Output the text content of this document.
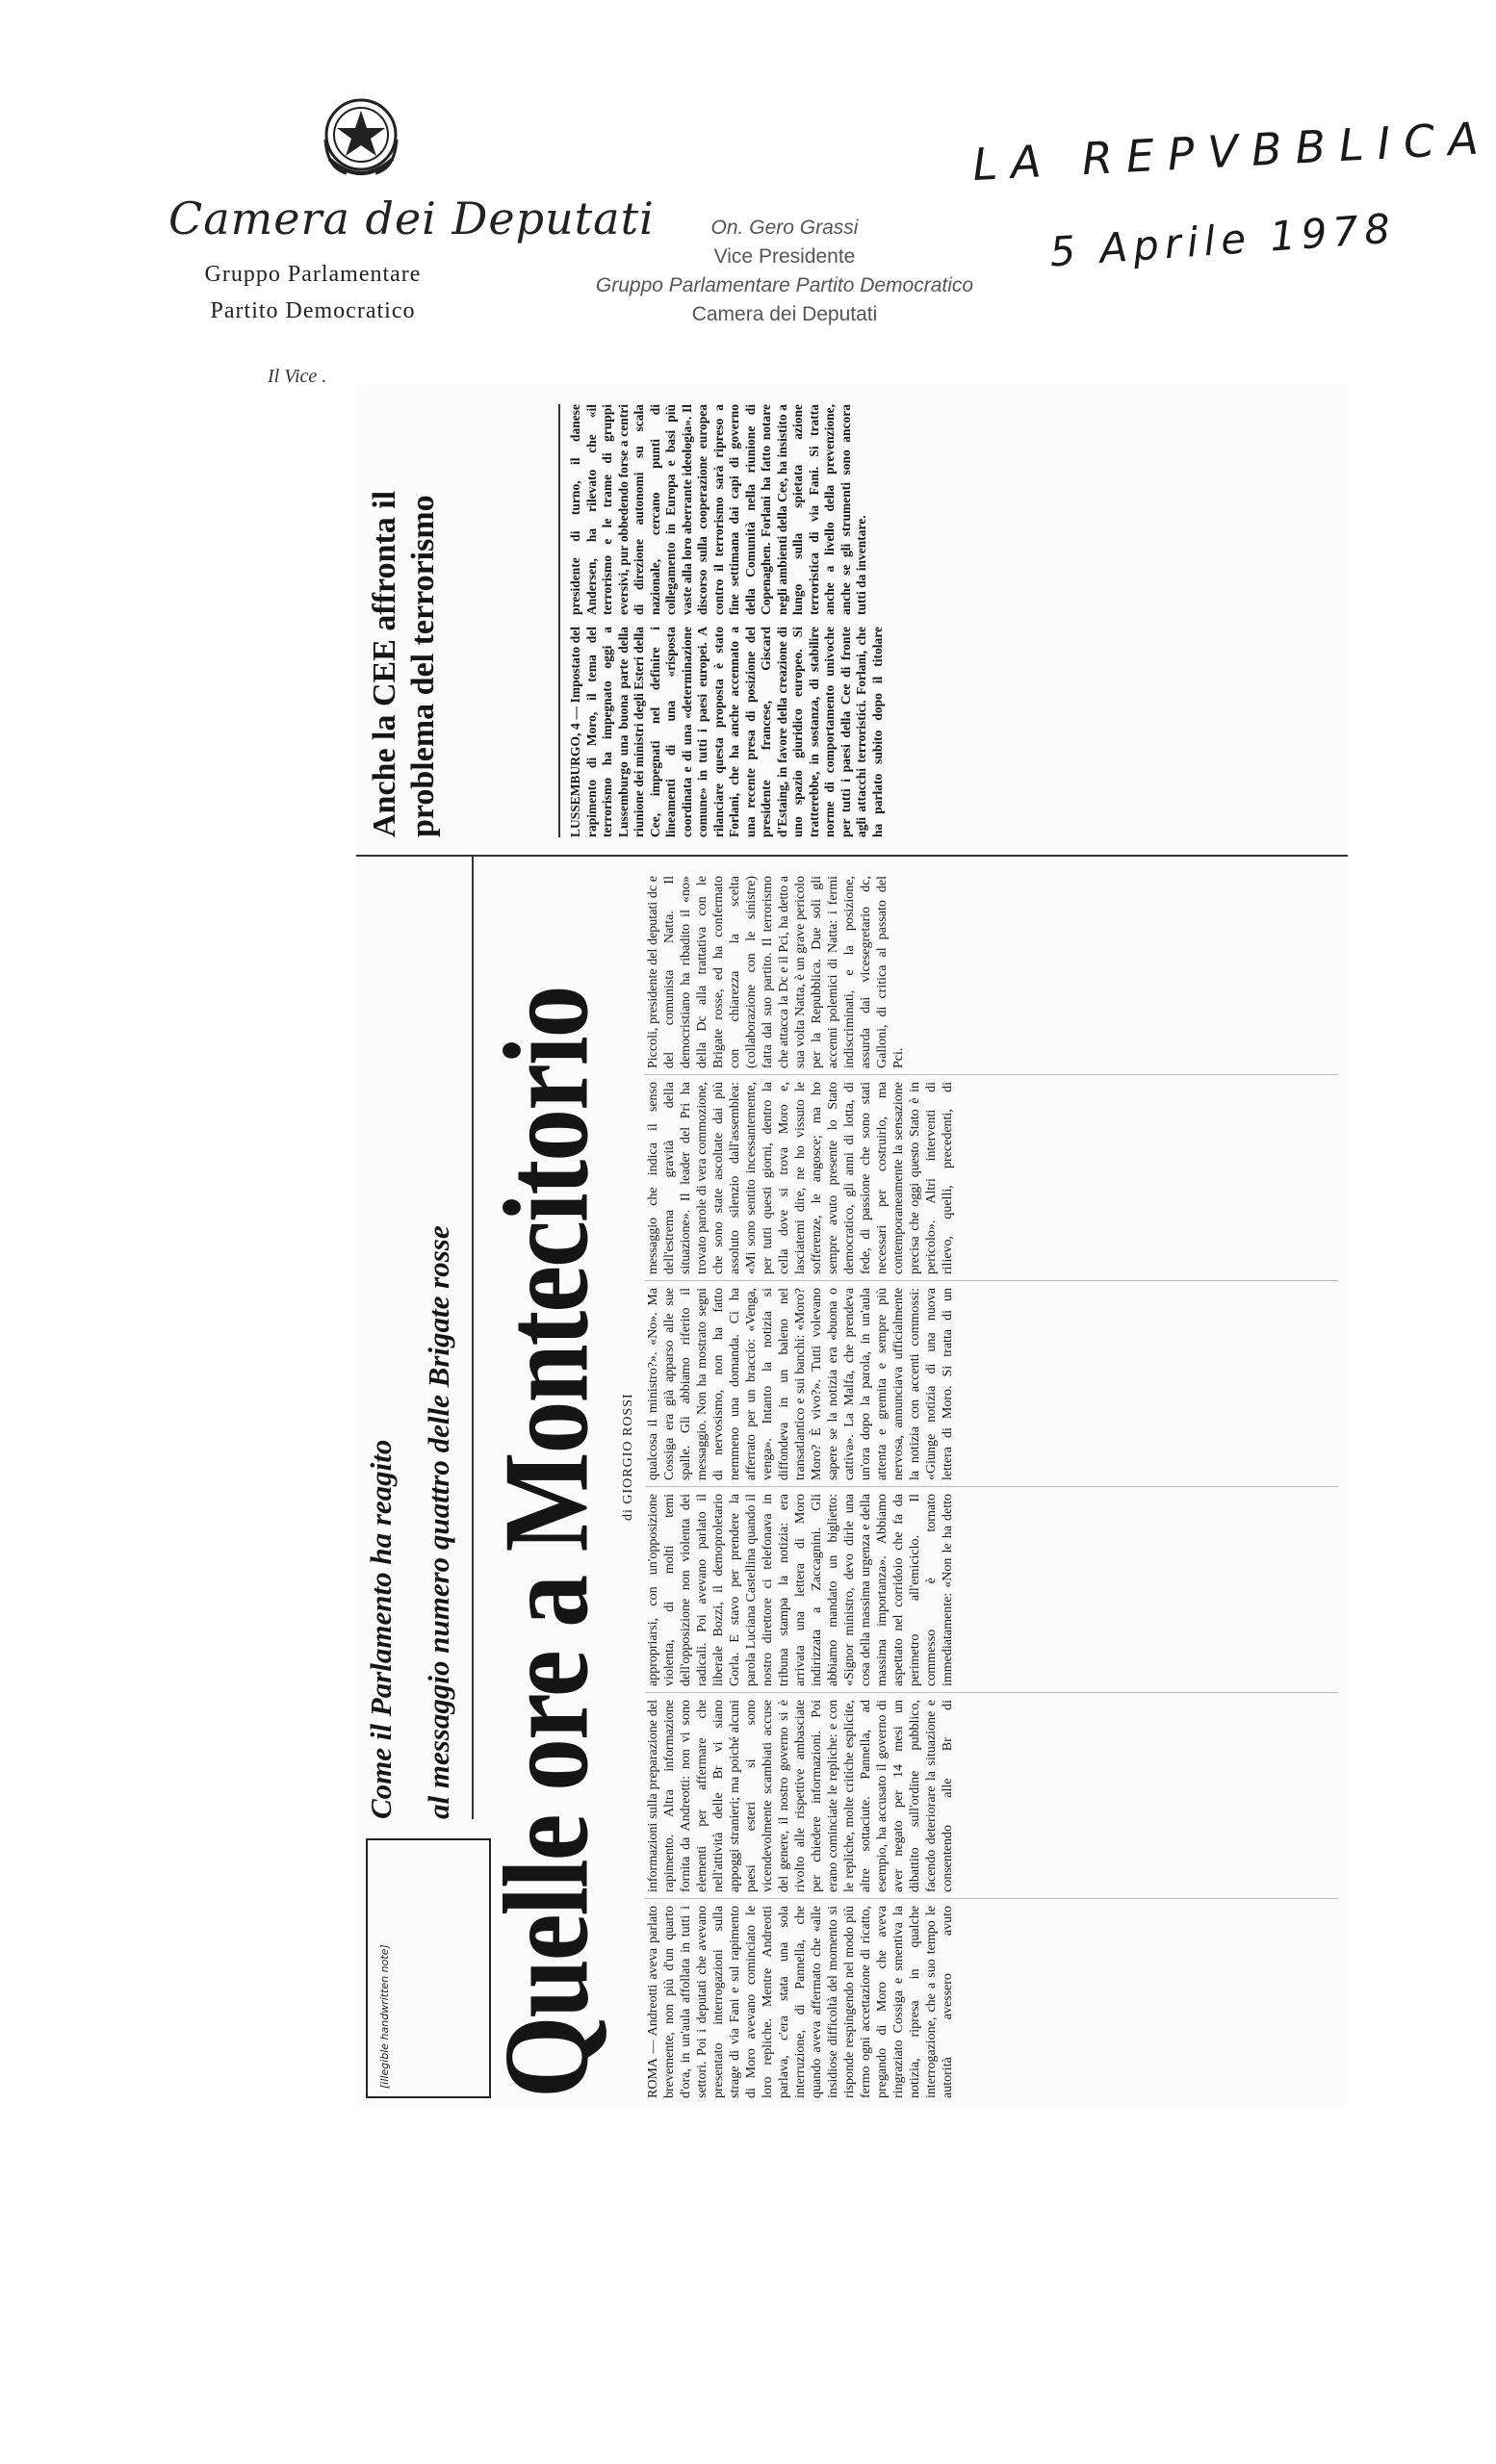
Camera dei Deputati
Gruppo Parlamentare
Partito Democratico
Il Vice .
On. Gero Grassi
Vice Presidente
Gruppo Parlamentare Partito Democratico
Camera dei Deputati
LA REPVBBLICA
5 Aprile 1978
[illegible handwritten note]
Come il Parlamento ha reagito al messaggio numero quattro delle Brigate rosse Quelle ore a Montecitorio di GIORGIO ROSSI
ROMA — Andreotti aveva parlato brevemente, non più d'un quarto d'ora, in un'aula affollata in tutti i settori. Poi i deputati che avevano presentato interrogazioni sulla strage di via Fani e sul rapimento di Moro avevano cominciato le loro repliche. Mentre Andreotti parlava, c'era stata una sola interruzione, di Pannella, che quando aveva affermato che «alle insidiose difficoltà del momento si risponde respingendo nel modo più fermo ogni accettazione di ricatto, pregando di Moro che aveva ringraziato Cossiga e smentiva la notizia, ripresa in qualche interrogazione, che a suo tempo le autorità avessero avuto informazioni sulla preparazione del rapimento. Altra informazione fornita da Andreotti: non vi sono elementi per affermare che nell'attività delle Br vi siano appoggi stranieri; ma poiché alcuni paesi esteri si sono vicendevolmente scambiati accuse del genere, il nostro governo si è rivolto alle rispettive ambasciate per chiedere informazioni. Poi erano cominciate le repliche: e con le repliche, molte critiche esplicite, altre sottaciute. Pannella, ad esempio, ha accusato il governo di aver negato per 14 mesi un dibattito sull'ordine pubblico, facendo deteriorare la situazione e consentendo alle Br di appropriarsi, con un'opposizione violenta, di molti temi dell'opposizione non violenta dei radicali. Poi avevano parlato il liberale Bozzi, il demoproletario Gorla. E stavo per prendere la parola Luciana Castellina quando il nostro direttore ci telefonava in tribuna stampa la notizia: era arrivata una lettera di Moro indirizzata a Zaccagnini. Gli abbiamo mandato un biglietto: «Signor ministro, devo dirle una cosa della massima urgenza e della massima importanza». Abbiamo aspettato nel corridoio che fa da perimetro all'emiciclo. Il commesso è tornato immediatamente: «Non le ha detto qualcosa il ministro?». «No». Ma Cossiga era già apparso alle sue spalle. Gli abbiamo riferito il messaggio. Non ha mostrato segni di nervosismo, non ha fatto nemmeno una domanda. Ci ha afferrato per un braccio: «Venga, venga». Intanto la notizia si diffondeva in un baleno nel transatlantico e sui banchi: «Moro? Moro? È vivo?». Tutti volevano sapere se la notizia era «buona o cattiva». La Malfa, che prendeva un'ora dopo la parola, in un'aula attenta e gremita e sempre più nervosa, annunciava ufficialmente la notizia con accenti commossi: «Giunge notizia di una nuova lettera di Moro. Si tratta di un messaggio che indica il senso dell'estrema gravità della situazione». Il leader del Pri ha trovato parole di vera commozione, che sono state ascoltate dai più assoluto silenzio dall'assemblea: «Mi sono sentito incessantemente, per tutti questi giorni, dentro la cella dove si trova Moro e, lasciatemi dire, ne ho vissuto le sofferenze, le angosce; ma ho sempre avuto presente lo Stato democratico, gli anni di lotta, di fede, di passione che sono stati necessari per costruirlo, ma contemporaneamente la sensazione precisa che oggi questo Stato è in pericolo». Altri interventi di rilievo, quelli, precedenti, di Piccoli, presidente del deputati dc e del comunista Natta. Il democristiano ha ribadito il «no» della Dc alla trattativa con le Brigate rosse, ed ha confermato con chiarezza la scelta (collaborazione con le sinistre) fatta dal suo partito. Il terrorismo che attacca la Dc e il Pci, ha detto a sua volta Natta, è un grave pericolo per la Repubblica. Due soli gli accenni polemici di Natta: i fermi indiscriminati, e la posizione, assurda dai vicesegretario dc, Galloni, di critica al passato del Pci.
Anche la CEE affronta il problema del terrorismo	LUSSEMBURGO, 4 — Impostato del rapimento di Moro, il tema del terrorismo ha impegnato oggi a Lussemburgo una buona parte della riunione dei ministri degli Esteri della Cee, impegnati nel definire i lineamenti di una «risposta coordinata e di una «determinazione comune» in tutti i paesi europei. A rilanciare questa proposta è stato Forlani, che ha anche accennato a una recente presa di posizione del presidente francese, Giscard d'Estaing, in favore della creazione di uno spazio giuridico europeo. Si tratterebbe, in sostanza, di stabilire norme di comportamento univoche per tutti i paesi della Cee di fronte agli attacchi terroristici. Forlani, che ha parlato subito dopo il titolare presidente di turno, il danese Andersen, ha rilevato che «il terrorismo e le trame di gruppi eversivi, pur obbedendo forse a centri di direzione autonomi su scala nazionale, cercano punti di collegamento in Europa e basi più vaste alla loro aberrante ideologia». Il discorso sulla cooperazione europea contro il terrorismo sarà ripreso a fine settimana dai capi di governo della Comunità nella riunione di Copenaghen. Forlani ha fatto notare negli ambienti della Cee, ha insistito a lungo sulla spietata azione terroristica di via Fani. Si tratta anche a livello della prevenzione, anche se gli strumenti sono ancora tutti da inventare.
